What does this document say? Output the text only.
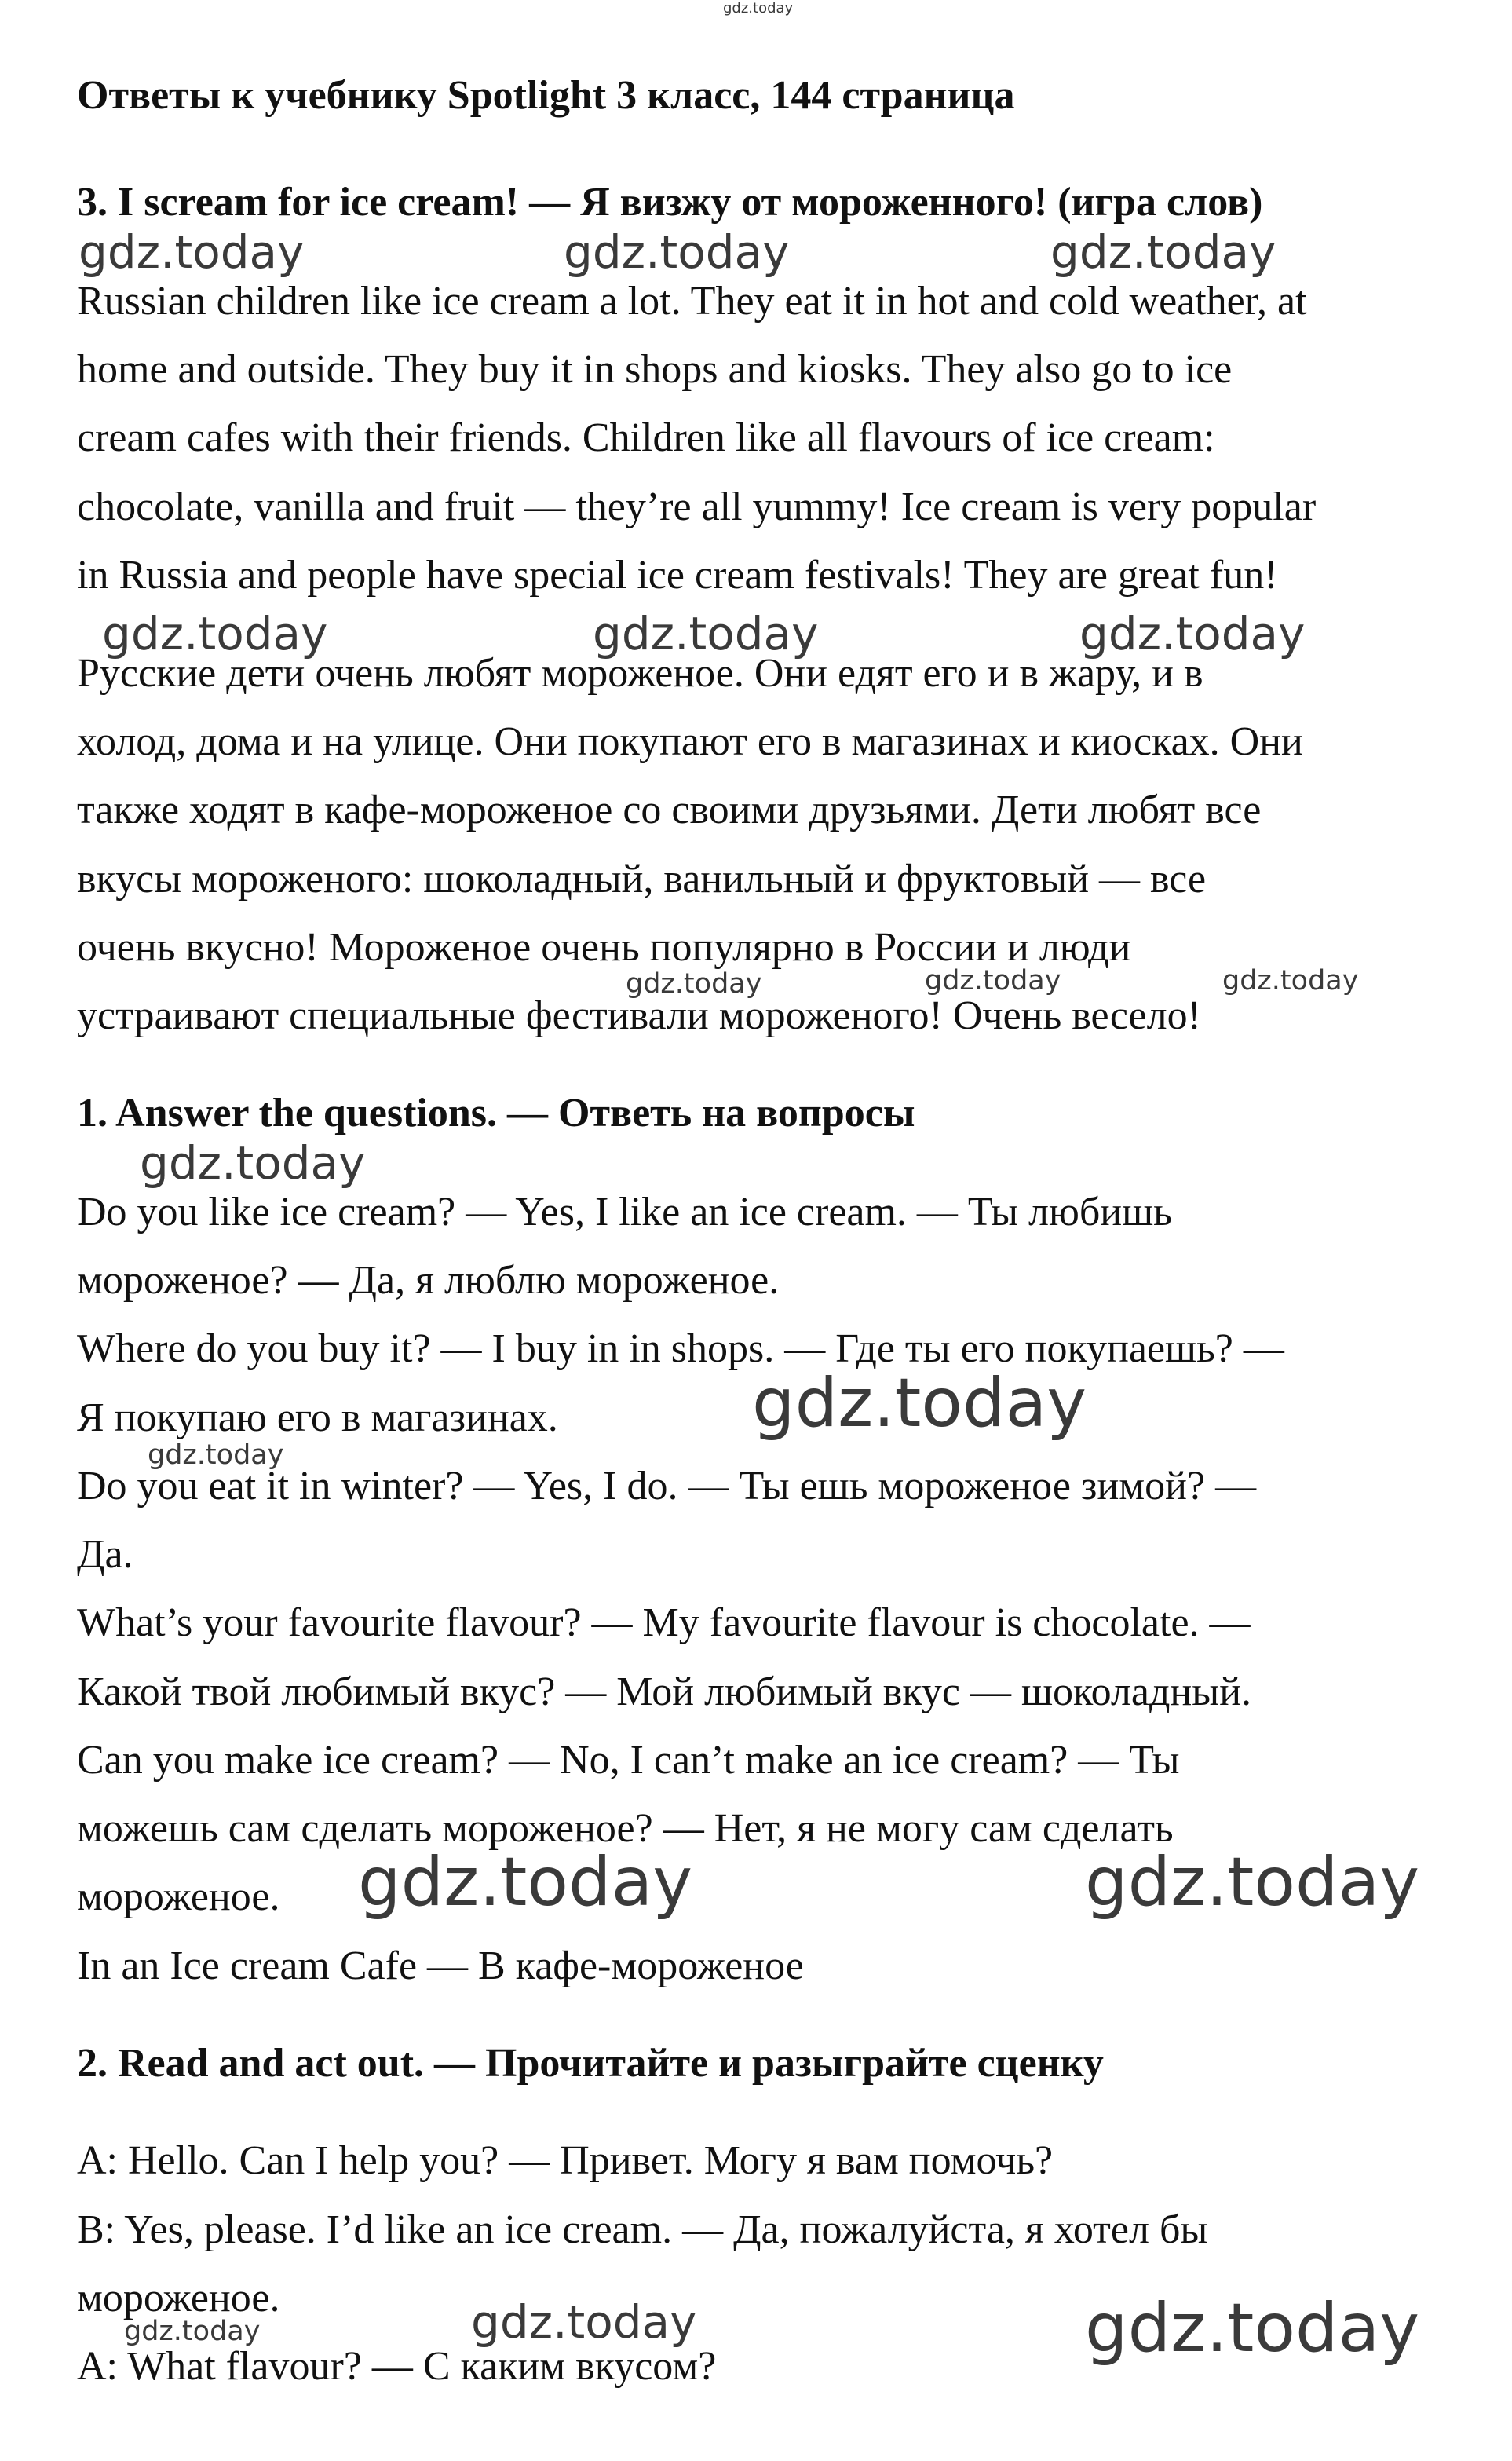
gdz.today
Ответы к учебнику Spotlight 3 класс, 144 страница
3. I scream for ice cream! — Я визжу от мороженного! (игра слов)
gdz.today	gdz.today	gdz.today
Russian children like ice cream a lot. They eat it in hot and cold weather, at
home and outside. They buy it in shops and kiosks. They also go to ice
cream cafes with their friends. Children like all flavours of ice cream:
chocolate, vanilla and fruit — they’re all yummy! Ice cream is very popular
in Russia and people have special ice cream festivals! They are great fun!
gdz.today	gdz.today	gdz.today
Русские дети очень любят мороженое. Они едят его и в жару, и в
холод, дома и на улице. Они покупают его в магазинах и киосках. Они
также ходят в кафе-мороженое со своими друзьями. Дети любят все
вкусы мороженого: шоколадный, ванильный и фруктовый — все
очень вкусно! Мороженое очень популярно в России и люди
gdz.today	gdz.today	gdz.today
устраивают специальные фестивали мороженого! Очень весело!
1. Answer the questions. — Ответь на вопросы
gdz.today
Do you like ice cream? — Yes, I like an ice cream. — Ты любишь
мороженое? — Да, я люблю мороженое.
Where do you buy it? — I buy in in shops. — Где ты его покупаешь? —
Я покупаю его в магазинах.	gdz.today
gdz.today
Do you eat it in winter? — Yes, I do. — Ты ешь мороженое зимой? —
Да.
What’s your favourite flavour? — My favourite flavour is chocolate. —
Какой твой любимый вкус? — Мой любимый вкус — шоколадный.
Can you make ice cream? — No, I can’t make an ice cream? — Ты
можешь сам сделать мороженое? — Нет, я не могу сам сделать
мороженое. gdz.today	gdz.today
In an Ice cream Cafe — В кафе-мороженое
2. Read and act out. — Прочитайте и разыграйте сценку
A: Hello. Can I help you? — Привет. Могу я вам помочь?
B: Yes, please. I’d like an ice cream. — Да, пожалуйста, я хотел бы
мороженое.	gdz.today
gdz.today	gdz.today
A: What flavour? — С каким вкусом?
